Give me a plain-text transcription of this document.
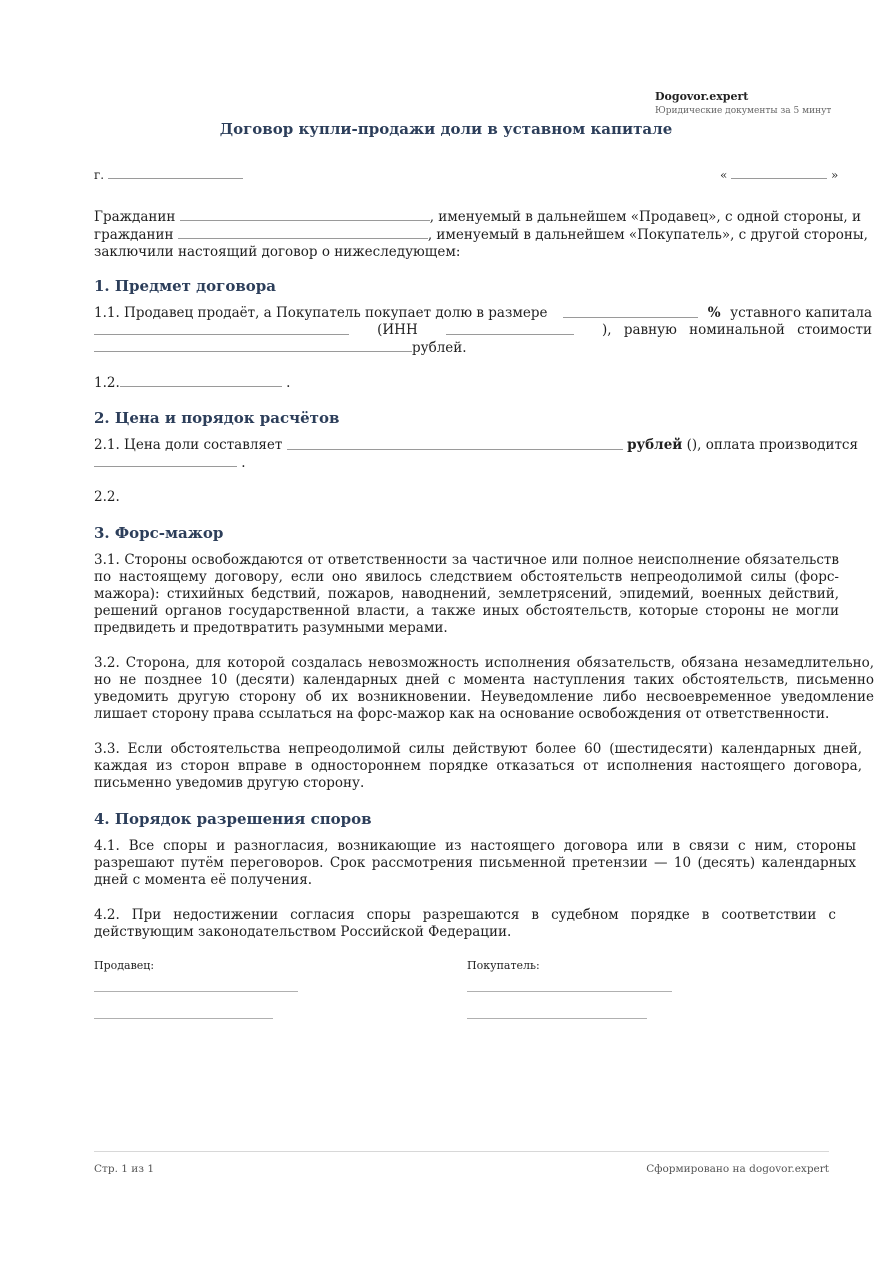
Dogovor.expert
Юридические документы за 5 минут
Договор купли-продажи доли в уставном капитале
г.	«	»

Гражданин	, именуемый в дальнейшем «Продавец», с одной стороны, и

гражданин	, именуемый в дальнейшем «Покупатель», с другой стороны,

заключили настоящий договор о нижеследующем:

1. Предмет договора

1.1. Продавец продаёт, а Покупатель покупает долю в размере	% уставного капитала

(ИНН	), равную номинальной стоимости

рублей.

1.2.	.

2. Цена и порядок расчётов

2.1. Цена доли составляет	рублей (), оплата производится

.

2.2.

3. Форс-мажор
3.1. Стороны освобождаются от ответственности за частичное или полное неисполнение обязательств по настоящему договору, если оно явилось следствием обстоятельств непреодолимой силы (форс-мажора): стихийных бедствий, пожаров, наводнений, землетрясений, эпидемий, военных действий, решений органов государственной власти, а также иных обстоятельств, которые стороны не могли предвидеть и предотвратить разумными мерами.
3.2. Сторона, для которой создалась невозможность исполнения обязательств, обязана незамедлительно, но не позднее 10 (десяти) календарных дней с момента наступления таких обстоятельств, письменно уведомить другую сторону об их возникновении. Неуведомление либо несвоевременное уведомление лишает сторону права ссылаться на форс-мажор как на основание освобождения от ответственности.
3.3. Если обстоятельства непреодолимой силы действуют более 60 (шестидесяти) календарных дней, каждая из сторон вправе в одностороннем порядке отказаться от исполнения настоящего договора, письменно уведомив другую сторону.
4. Порядок разрешения споров
4.1. Все споры и разногласия, возникающие из настоящего договора или в связи с ним, стороны разрешают путём переговоров. Срок рассмотрения письменной претензии — 10 (десять) календарных дней с момента её получения.
4.2. При недостижении согласия споры разрешаются в судебном порядке в соответствии с действующим законодательством Российской Федерации.
Продавец:	Покупатель:
Стр. 1 из 1	Сформировано на dogovor.expert
